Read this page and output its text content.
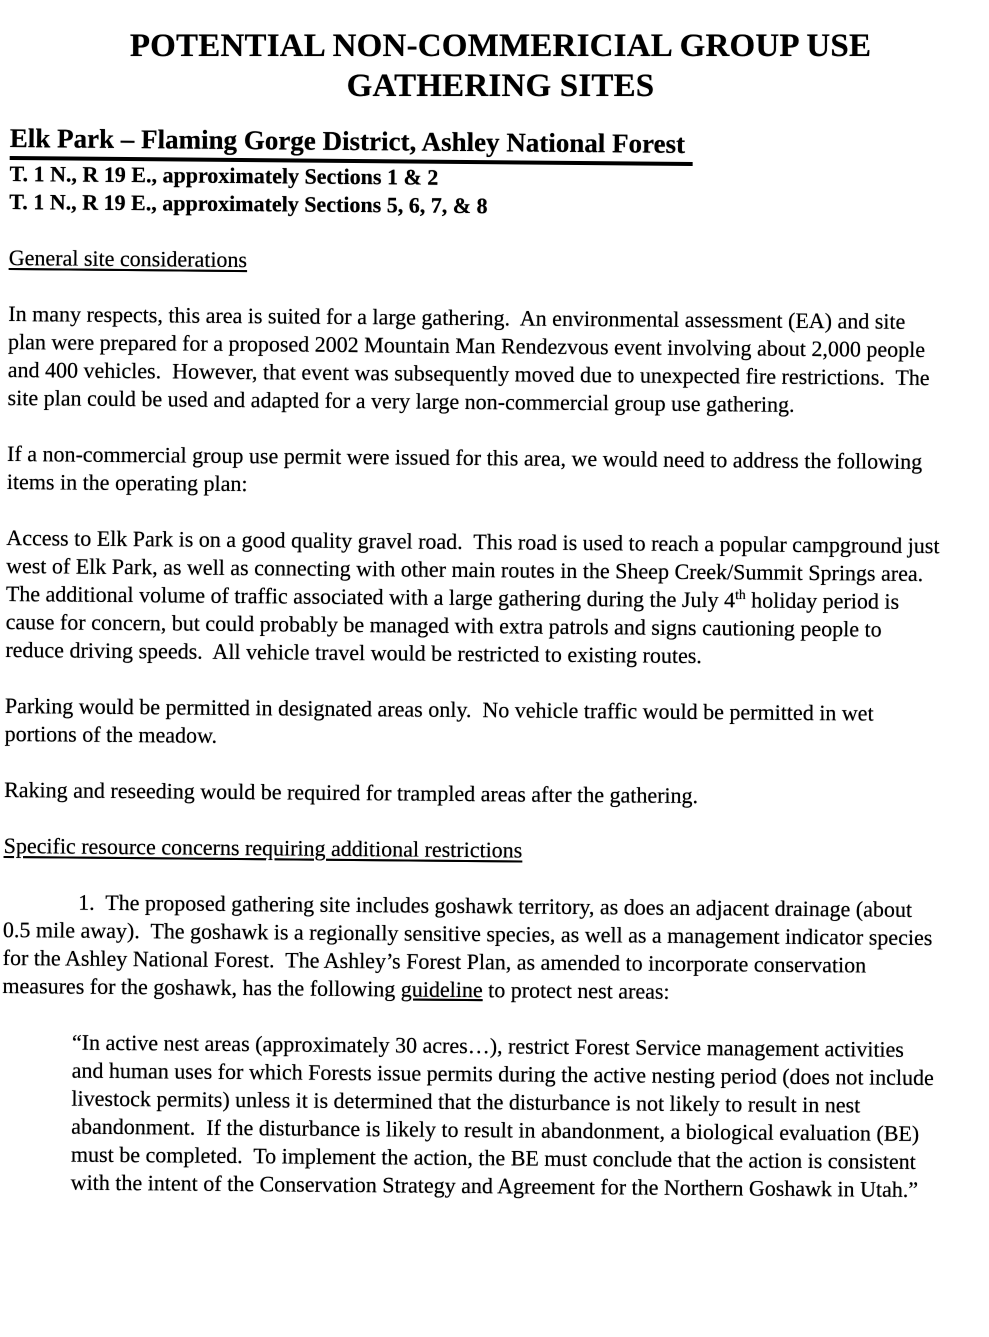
POTENTIAL NON-COMMERICIAL GROUP USE
GATHERING SITES
Elk Park – Flaming Gorge District, Ashley National Forest
T. 1 N., R 19 E., approximately Sections 1 & 2
T. 1 N., R 19 E., approximately Sections 5, 6, 7, & 8
General site considerations

In many respects, this area is suited for a large gathering.  An environmental assessment (EA) and site plan were prepared for a proposed 2002 Mountain Man Rendezvous event involving about 2,000 people and 400 vehicles.  However, that event was subsequently moved due to unexpected fire restrictions.  The site plan could be used and adapted for a very large non-commercial group use gathering.

If a non-commercial group use permit were issued for this area, we would need to address the following items in the operating plan:

Access to Elk Park is on a good quality gravel road.  This road is used to reach a popular campground just west of Elk Park, as well as connecting with other main routes in the Sheep Creek/Summit Springs area.  The additional volume of traffic associated with a large gathering during the July 4th holiday period is cause for concern, but could probably be managed with extra patrols and signs cautioning people to reduce driving speeds.  All vehicle travel would be restricted to existing routes.

Parking would be permitted in designated areas only.  No vehicle traffic would be permitted in wet portions of the meadow.

Raking and reseeding would be required for trampled areas after the gathering.

Specific resource concerns requiring additional restrictions

1.  The proposed gathering site includes goshawk territory, as does an adjacent drainage (about 0.5 mile away).  The goshawk is a regionally sensitive species, as well as a management indicator species for the Ashley National Forest.  The Ashley’s Forest Plan, as amended to incorporate conservation measures for the goshawk, has the following guideline to protect nest areas:

“In active nest areas (approximately 30 acres…), restrict Forest Service management activities and human uses for which Forests issue permits during the active nesting period (does not include livestock permits) unless it is determined that the disturbance is not likely to result in nest abandonment.  If the disturbance is likely to result in abandonment, a biological evaluation (BE) must be completed.  To implement the action, the BE must conclude that the action is consistent with the intent of the Conservation Strategy and Agreement for the Northern Goshawk in Utah.”
